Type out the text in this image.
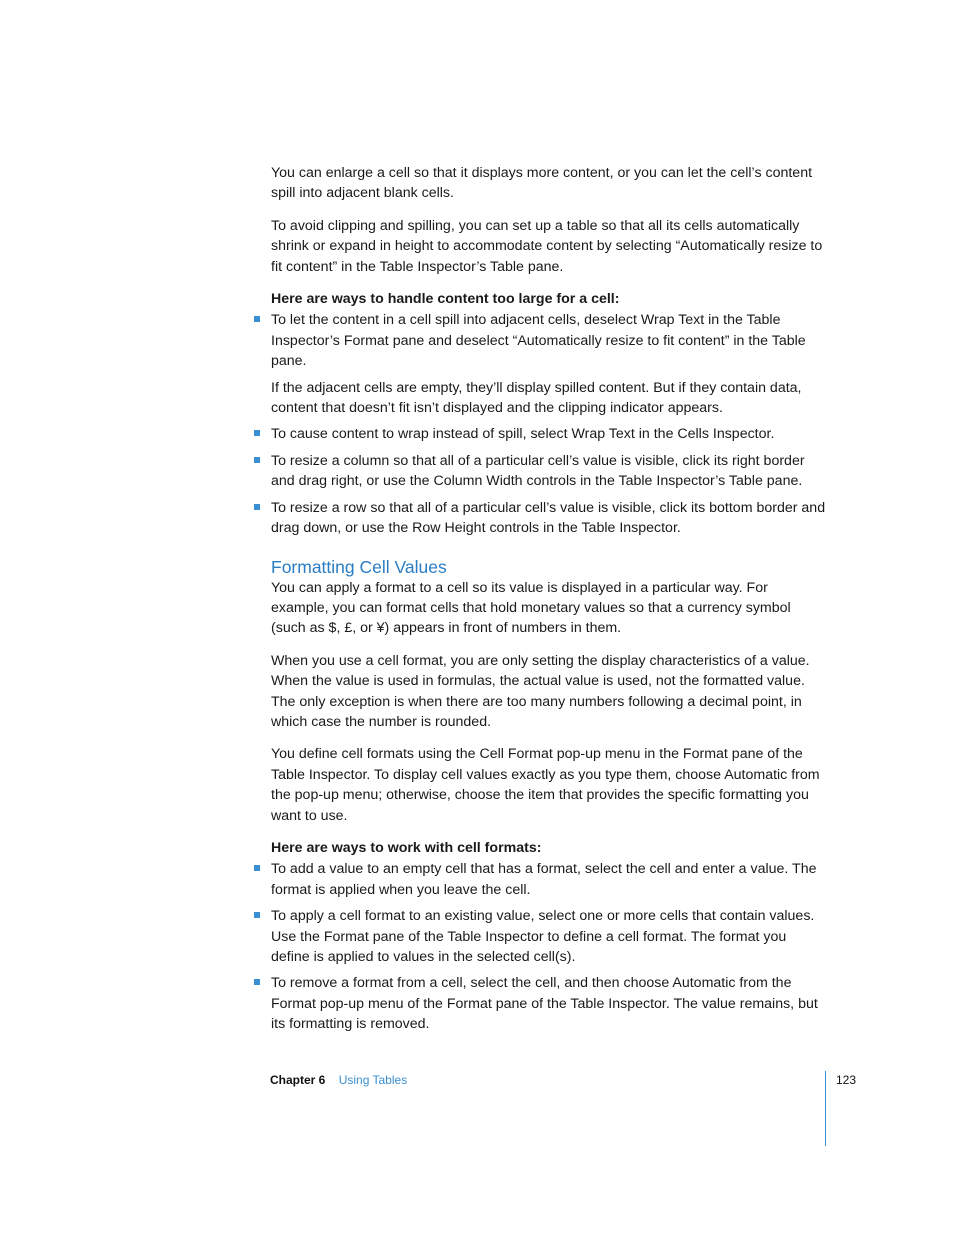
You can enlarge a cell so that it displays more content, or you can let the cell’s content spill into adjacent blank cells.

To avoid clipping and spilling, you can set up a table so that all its cells automatically shrink or expand in height to accommodate content by selecting “Automatically resize to fit content” in the Table Inspector’s Table pane.

Here are ways to handle content too large for a cell:

To let the content in a cell spill into adjacent cells, deselect Wrap Text in the Table Inspector’s Format pane and deselect “Automatically resize to fit content” in the Table pane.

If the adjacent cells are empty, they’ll display spilled content. But if they contain data, content that doesn’t fit isn’t displayed and the clipping indicator appears.

To cause content to wrap instead of spill, select Wrap Text in the Cells Inspector.

To resize a column so that all of a particular cell’s value is visible, click its right border and drag right, or use the Column Width controls in the Table Inspector’s Table pane.

To resize a row so that all of a particular cell’s value is visible, click its bottom border and drag down, or use the Row Height controls in the Table Inspector.

Formatting Cell Values

You can apply a format to a cell so its value is displayed in a particular way. For example, you can format cells that hold monetary values so that a currency symbol (such as $, £, or ¥) appears in front of numbers in them.

When you use a cell format, you are only setting the display characteristics of a value. When the value is used in formulas, the actual value is used, not the formatted value. The only exception is when there are too many numbers following a decimal point, in which case the number is rounded.

You define cell formats using the Cell Format pop-up menu in the Format pane of the Table Inspector. To display cell values exactly as you type them, choose Automatic from the pop-up menu; otherwise, choose the item that provides the specific formatting you want to use.

Here are ways to work with cell formats:

To add a value to an empty cell that has a format, select the cell and enter a value. The format is applied when you leave the cell.

To apply a cell format to an existing value, select one or more cells that contain values. Use the Format pane of the Table Inspector to define a cell format. The format you define is applied to values in the selected cell(s).

To remove a format from a cell, select the cell, and then choose Automatic from the Format pop-up menu of the Format pane of the Table Inspector. The value remains, but its formatting is removed.

Chapter 6 Using Tables	123
